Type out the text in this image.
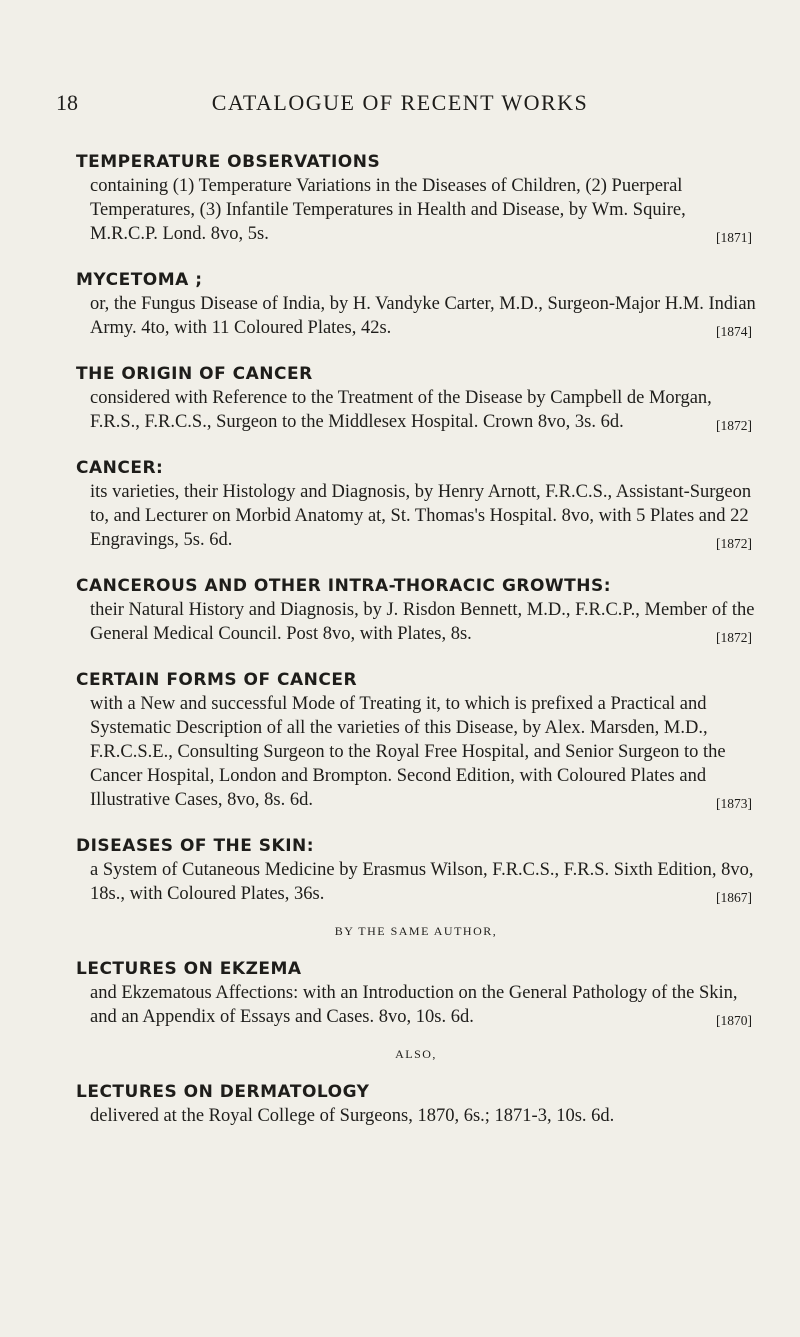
18	CATALOGUE OF RECENT WORKS
TEMPERATURE OBSERVATIONS
containing (1) Temperature Variations in the Diseases of Children, (2) Puerperal Temperatures, (3) Infantile Temperatures in Health and Disease, by Wm. Squire, M.R.C.P. Lond. 8vo, 5s.	[1871]
MYCETOMA ;
or, the Fungus Disease of India, by H. Vandyke Carter, M.D., Surgeon-Major H.M. Indian Army. 4to, with 11 Coloured Plates, 42s.	[1874]
THE ORIGIN OF CANCER
considered with Reference to the Treatment of the Disease by Campbell de Morgan, F.R.S., F.R.C.S., Surgeon to the Middlesex Hospital. Crown 8vo, 3s. 6d.	[1872]
CANCER:
its varieties, their Histology and Diagnosis, by Henry Arnott, F.R.C.S., Assistant-Surgeon to, and Lecturer on Morbid Anatomy at, St. Thomas's Hospital. 8vo, with 5 Plates and 22 Engravings, 5s. 6d.	[1872]
CANCEROUS AND OTHER INTRA-THORACIC GROWTHS:
their Natural History and Diagnosis, by J. Risdon Bennett, M.D., F.R.C.P., Member of the General Medical Council. Post 8vo, with Plates, 8s.	[1872]
CERTAIN FORMS OF CANCER
with a New and successful Mode of Treating it, to which is prefixed a Practical and Systematic Description of all the varieties of this Disease, by Alex. Marsden, M.D., F.R.C.S.E., Consulting Surgeon to the Royal Free Hospital, and Senior Surgeon to the Cancer Hospital, London and Brompton. Second Edition, with Coloured Plates and Illustrative Cases, 8vo, 8s. 6d.	[1873]
DISEASES OF THE SKIN:
a System of Cutaneous Medicine by Erasmus Wilson, F.R.C.S., F.R.S. Sixth Edition, 8vo, 18s., with Coloured Plates, 36s.	[1867]
BY THE SAME AUTHOR,
LECTURES ON EKZEMA
and Ekzematous Affections: with an Introduction on the General Pathology of the Skin, and an Appendix of Essays and Cases. 8vo, 10s. 6d.	[1870]
ALSO,
LECTURES ON DERMATOLOGY
delivered at the Royal College of Surgeons, 1870, 6s.; 1871-3, 10s. 6d.
